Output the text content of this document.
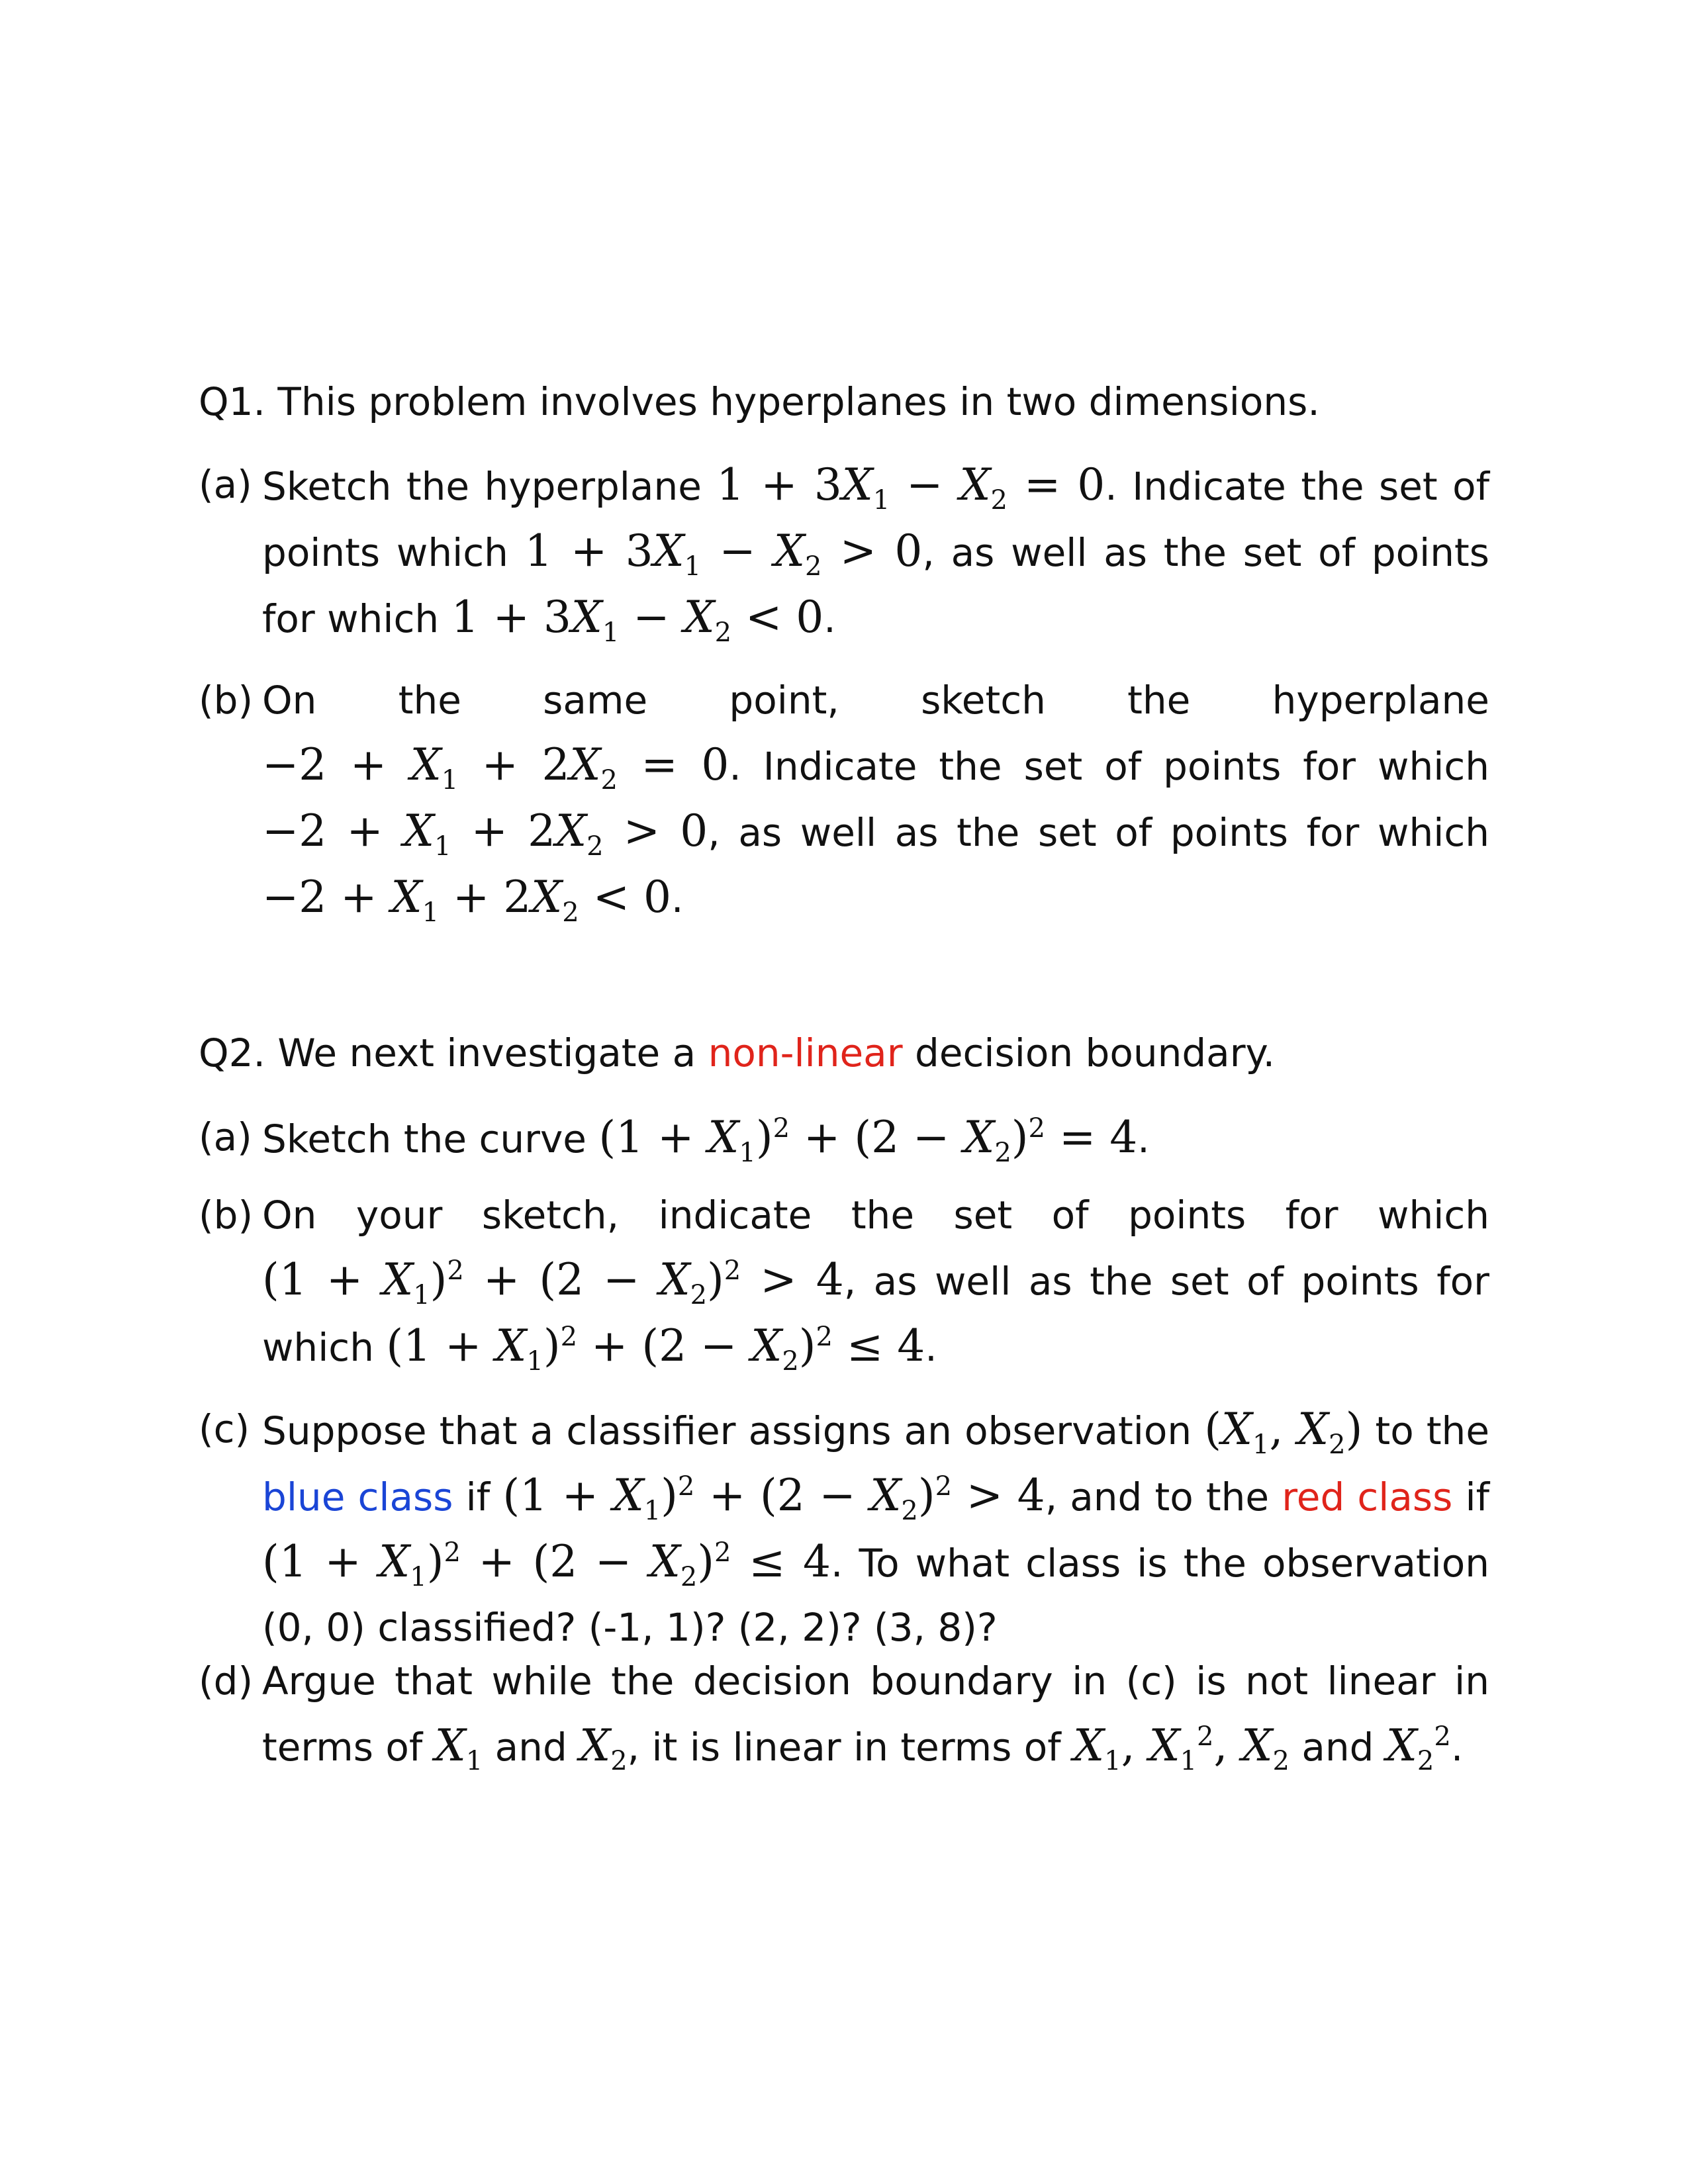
Q1. This problem involves hyperplanes in two dimensions.
(a) Sketch the hyperplane $1 + 3X_1 - X_2 = 0$. Indicate the set of points which $1 + 3X_1 - X_2 > 0$, as well as the set of points for which $1 + 3X_1 - X_2 < 0$.
(b) On the same point, sketch the hyperplane $-2 + X_1 + 2X_2 = 0$. Indicate the set of points for which $-2 + X_1 + 2X_2 > 0$, as well as the set of points for which $-2 + X_1 + 2X_2 < 0$.
Q2. We next investigate a non-linear decision boundary.
(a) Sketch the curve $(1 + X_1)^2 + (2 - X_2)^2 = 4$.
(b) On your sketch, indicate the set of points for which $(1 + X_1)^2 + (2 - X_2)^2 > 4$, as well as the set of points for which $(1 + X_1)^2 + (2 - X_2)^2 \le 4$.
(c) Suppose that a classifier assigns an observation ($X_1$, $X_2$) to the blue class if $(1 + X_1)^2 + (2 - X_2)^2 > 4$, and to the red class if $(1 + X_1)^2 + (2 - X_2)^2 \le 4$. To what class is the observation (0, 0) classified? (-1, 1)? (2, 2)? (3, 8)?
(d) Argue that while the decision boundary in (c) is not linear in terms of $X_1$ and $X_2$, it is linear in terms of $X_1$, $X_1^2$, $X_2$ and $X_2^2$.
